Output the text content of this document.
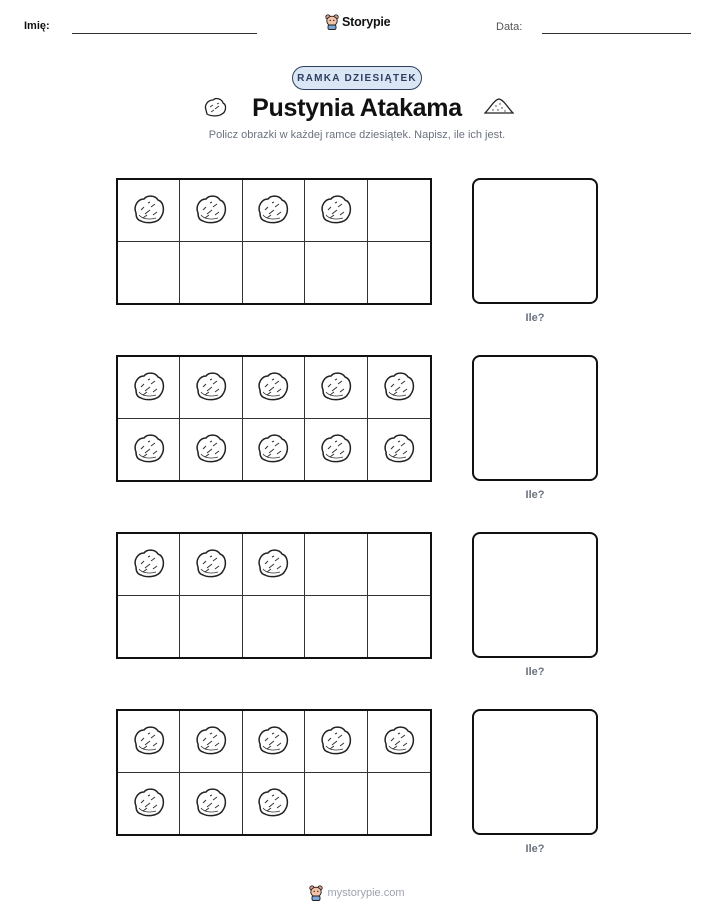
Imię:	Storypie	Data:
RAMKA DZIESIĄTEK
Pustynia Atakama
Policz obrazki w każdej ramce dziesiątek. Napisz, ile ich jest.
Ile?
Ile?
Ile?
Ile?
mystorypie.com
